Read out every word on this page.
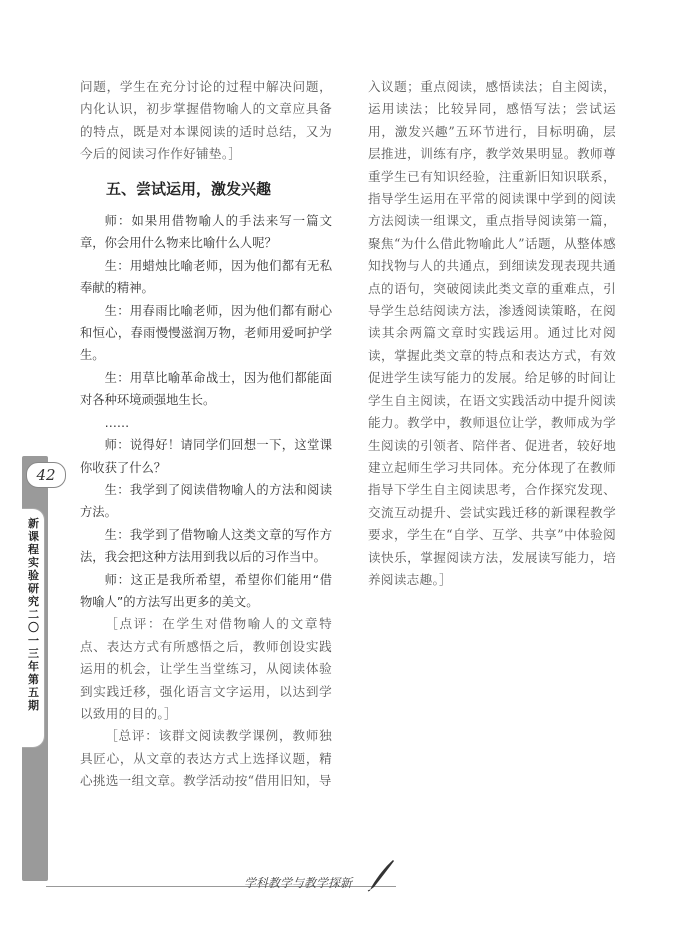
42
新课程实验研究 二〇一三年 第五期

问题，学生在充分讨论的过程中解决问题，内化认识，初步掌握借物喻人的文章应具备的特点，既是对本课阅读的适时总结，又为今后的阅读习作作好铺垫。］

五、尝试运用，激发兴趣

师：如果用借物喻人的手法来写一篇文章，你会用什么物来比喻什么人呢？

生：用蜡烛比喻老师，因为他们都有无私奉献的精神。

生：用春雨比喻老师，因为他们都有耐心和恒心，春雨慢慢滋润万物，老师用爱呵护学生。

生：用草比喻革命战士，因为他们都能面对各种环境顽强地生长。

……

师：说得好！请同学们回想一下，这堂课你收获了什么？

生：我学到了阅读借物喻人的方法和阅读方法。

生：我学到了借物喻人这类文章的写作方法，我会把这种方法用到我以后的习作当中。

师：这正是我所希望，希望你们能用“借物喻人”的方法写出更多的美文。

［点评：在学生对借物喻人的文章特点、表达方式有所感悟之后，教师创设实践运用的机会，让学生当堂练习，从阅读体验到实践迁移，强化语言文字运用，以达到学以致用的目的。］

［总评：该群文阅读教学课例，教师独具匠心，从文章的表达方式上选择议题，精心挑选一组文章。教学活动按“借用旧知，导

入议题；重点阅读，感悟读法；自主阅读，运用读法；比较异同，感悟写法；尝试运用，激发兴趣”五环节进行，目标明确，层层推进，训练有序，教学效果明显。教师尊重学生已有知识经验，注重新旧知识联系，指导学生运用在平常的阅读课中学到的阅读方法阅读一组课文，重点指导阅读第一篇，聚焦“为什么借此物喻此人”话题，从整体感知找物与人的共通点，到细读发现表现共通点的语句，突破阅读此类文章的重难点，引导学生总结阅读方法，渗透阅读策略，在阅读其余两篇文章时实践运用。通过比对阅读，掌握此类文章的特点和表达方式，有效促进学生读写能力的发展。给足够的时间让学生自主阅读，在语文实践活动中提升阅读能力。教学中，教师退位让学，教师成为学生阅读的引领者、陪伴者、促进者，较好地建立起师生学习共同体。充分体现了在教师指导下学生自主阅读思考，合作探究发现、交流互动提升、尝试实践迁移的新课程教学要求，学生在“自学、互学、共享”中体验阅读快乐，掌握阅读方法，发展读写能力，培养阅读志趣。］

学科教学与教学探新
